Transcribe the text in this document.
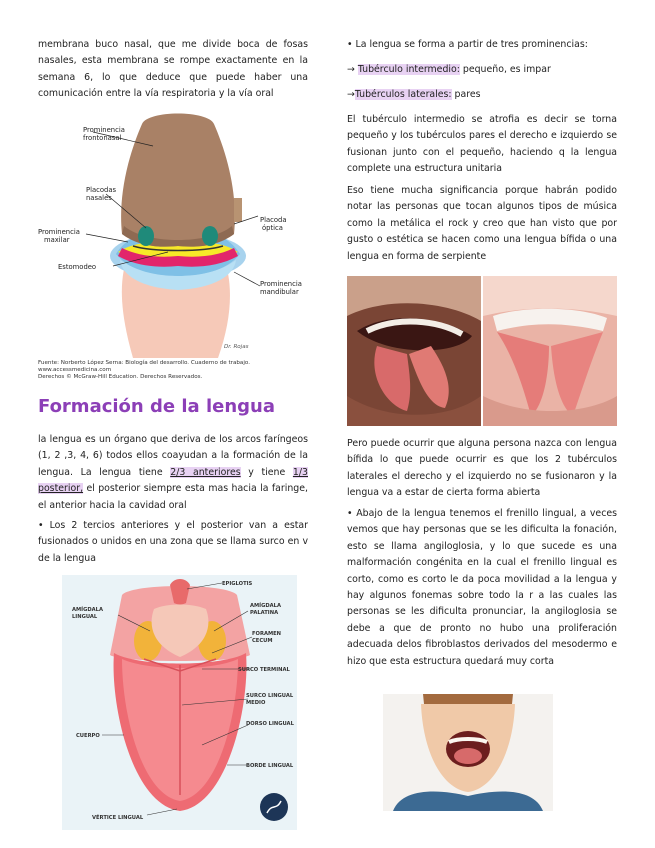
membrana buco nasal, que me divide boca de fosas nasales, esta membrana se rompe exactamente en la semana 6, lo que deduce que puede haber una comunicación entre la vía respiratoria y la vía oral

Prominencia
frontonasal
Placodas
nasales
Prominencia
maxilar
Estomodeo
Placoda
óptica
Prominencia
mandibular
Dr. Rojas
Fuente: Norberto López Serna: Biología del desarrollo. Cuaderno de trabajo.
www.accessmedicina.com
Derechos © McGraw-Hill Education. Derechos Reservados.
Formación de la lengua

la lengua es un órgano que deriva de los arcos faríngeos (1, 2 ,3, 4, 6) todos ellos coayudan a la formación de la lengua. La lengua tiene 2/3 anteriores y tiene 1/3 posterior, el posterior siempre esta mas hacia la faringe, el anterior hacia la cavidad oral

• Los 2 tercios anteriores y el posterior van a estar fusionados o unidos en una zona que se llama surco en v de la lengua

EPIGLOTIS
AMÍGDALA
LINGUAL
AMÍGDALA
PALATINA
FORAMEN
CECUM
SURCO TERMINAL
SURCO LINGUAL
MEDIO
DORSO LINGUAL
CUERPO
BORDE LINGUAL
VÉRTICE LINGUAL

• La lengua se forma a partir de tres prominencias:

→ Tubérculo intermedio: pequeño, es impar

→Tubérculos laterales: pares

El tubérculo intermedio se atrofia es decir se torna pequeño y los tubérculos pares el derecho e izquierdo se fusionan junto con el pequeño, haciendo q la lengua complete una estructura unitaria

Eso tiene mucha significancia porque habrán podido notar las personas que tocan algunos tipos de música como la metálica el rock y creo que han visto que por gusto o estética se hacen como una lengua bífida o una lengua en forma de serpiente

Pero puede ocurrir que alguna persona nazca con lengua bífida lo que puede ocurrir es que los 2 tubérculos laterales el derecho y el izquierdo no se fusionaron y la lengua va a estar de cierta forma abierta

• Abajo de la lengua tenemos el frenillo lingual, a veces vemos que hay personas que se les dificulta la fonación, esto se llama angiloglosia, y lo que sucede es una malformación congénita en la cual el frenillo lingual es corto, como es corto le da poca movilidad a la lengua y hay algunos fonemas sobre todo la r a las cuales las personas se les dificulta pronunciar, la angiloglosia se debe a que de pronto no hubo una proliferación adecuada delos fibroblastos derivados del mesodermo e hizo que esta estructura quedará muy corta
